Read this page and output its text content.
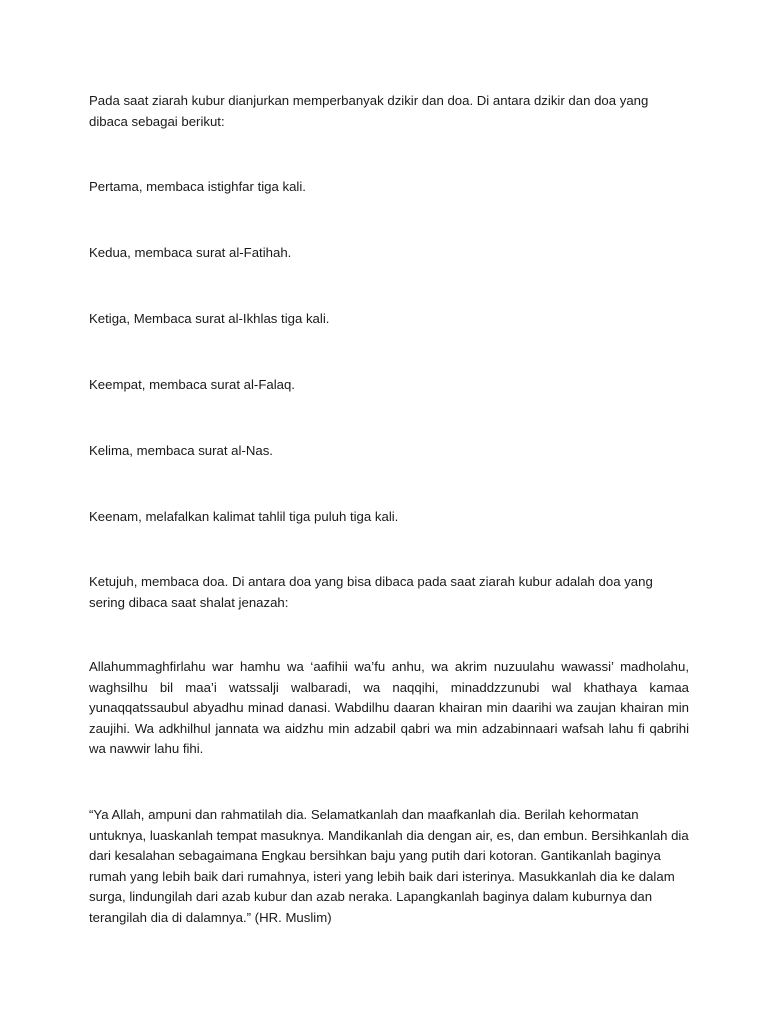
Pada saat ziarah kubur dianjurkan memperbanyak dzikir dan doa. Di antara dzikir dan doa yang dibaca sebagai berikut:

Pertama, membaca istighfar tiga kali.

Kedua, membaca surat al-Fatihah.

Ketiga, Membaca surat al-Ikhlas tiga kali.

Keempat, membaca surat al-Falaq.

Kelima, membaca surat al-Nas.

Keenam, melafalkan kalimat tahlil tiga puluh tiga kali.

Ketujuh, membaca doa. Di antara doa yang bisa dibaca pada saat ziarah kubur adalah doa yang sering dibaca saat shalat jenazah:

Allahummaghfirlahu war hamhu wa ‘aafihii wa’fu anhu, wa akrim nuzuulahu wawassi’ madholahu, waghsilhu bil maa’i watssalji walbaradi, wa naqqihi, minaddzzunubi wal khathaya kamaa yunaqqatssaubul abyadhu minad danasi. Wabdilhu daaran khairan min daarihi wa zaujan khairan min zaujihi. Wa adkhilhul jannata wa aidzhu min adzabil qabri wa min adzabinnaari wafsah lahu fi qabrihi wa nawwir lahu fihi.

“Ya Allah, ampuni dan rahmatilah dia. Selamatkanlah dan maafkanlah dia. Berilah kehormatan untuknya, luaskanlah tempat masuknya. Mandikanlah dia dengan air, es, dan embun. Bersihkanlah dia dari kesalahan sebagaimana Engkau bersihkan baju yang putih dari kotoran. Gantikanlah baginya rumah yang lebih baik dari rumahnya, isteri yang lebih baik dari isterinya. Masukkanlah dia ke dalam surga, lindungilah dari azab kubur dan azab neraka. Lapangkanlah baginya dalam kuburnya dan terangilah dia di dalamnya.” (HR. Muslim)
